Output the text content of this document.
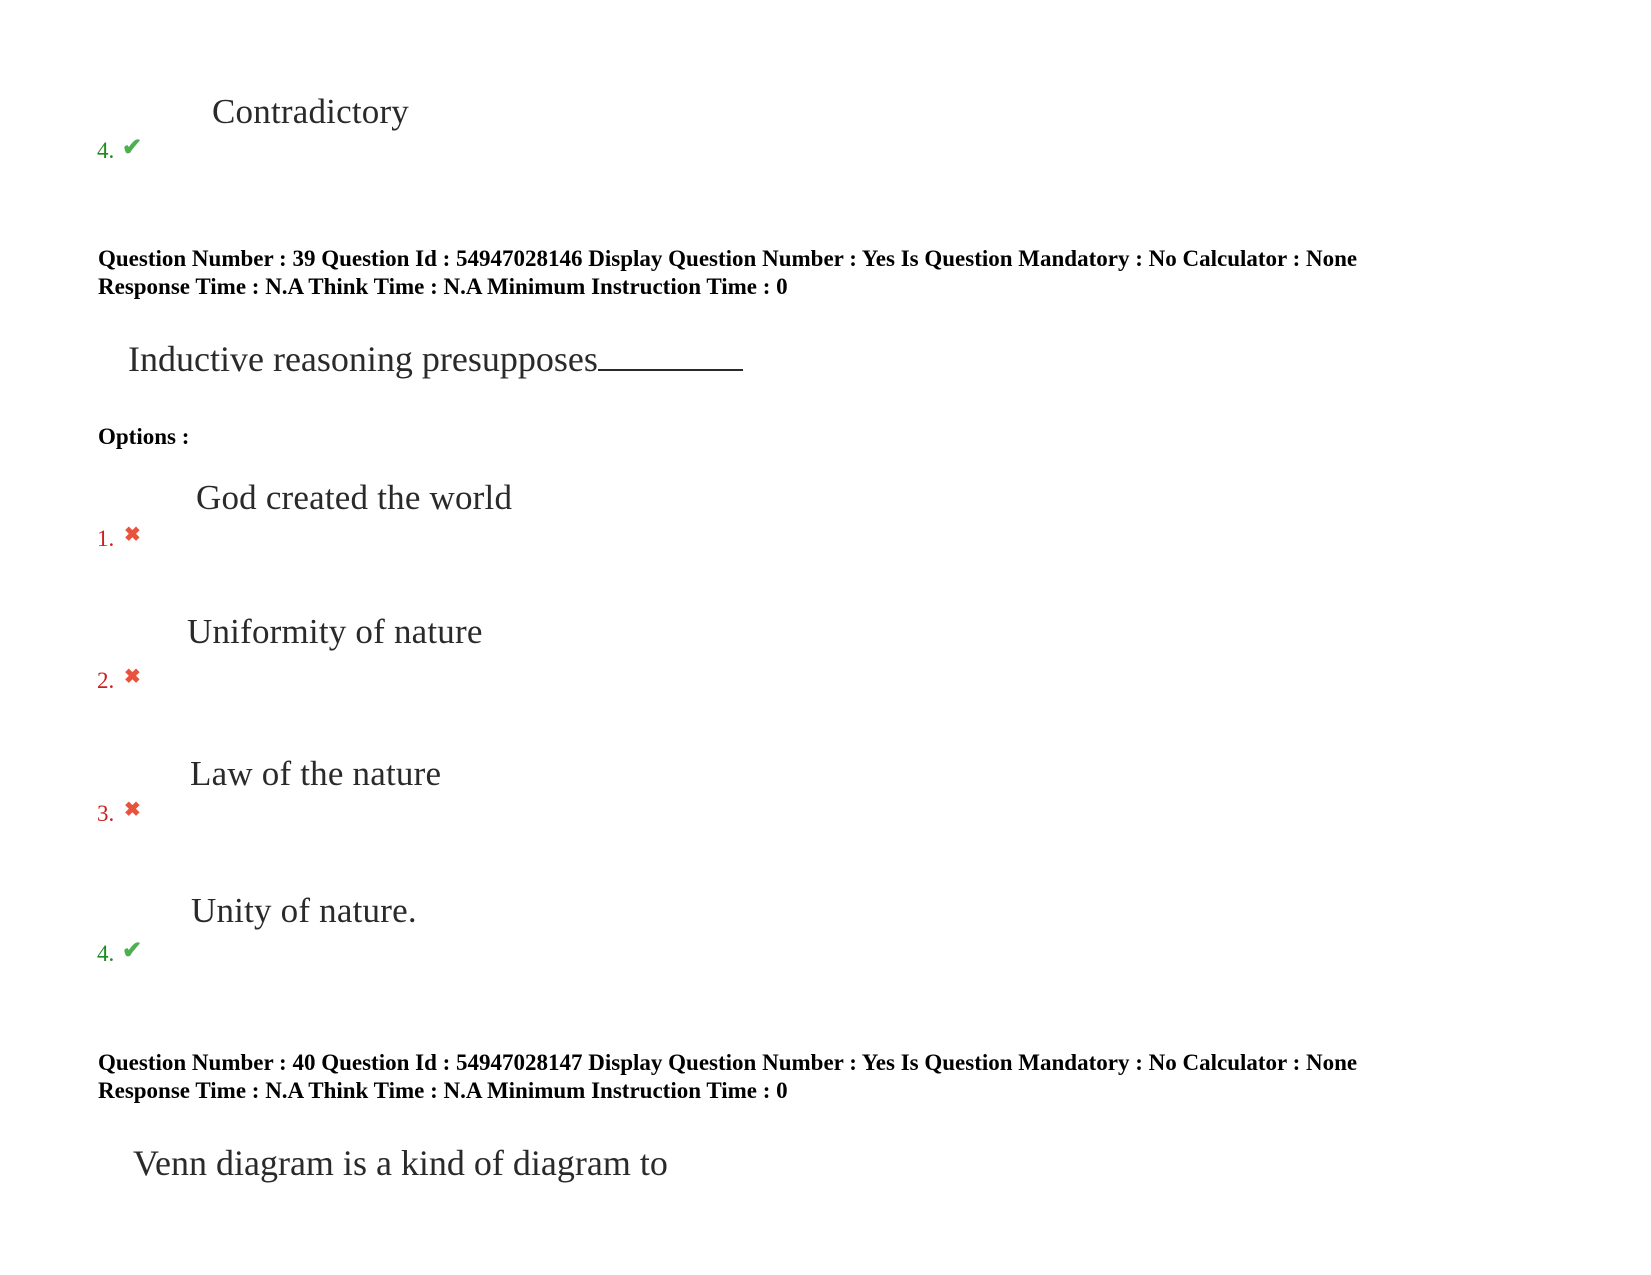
Contradictory
4. ✔
Question Number : 39 Question Id : 54947028146 Display Question Number : Yes Is Question Mandatory : No Calculator : None
Response Time : N.A Think Time : N.A Minimum Instruction Time : 0
Inductive reasoning presupposes
Options :
God created the world
1. ✖
Uniformity of nature
2. ✖
Law of the nature
3. ✖
Unity of nature.
4. ✔
Question Number : 40 Question Id : 54947028147 Display Question Number : Yes Is Question Mandatory : No Calculator : None
Response Time : N.A Think Time : N.A Minimum Instruction Time : 0
Venn diagram is a kind of diagram to
